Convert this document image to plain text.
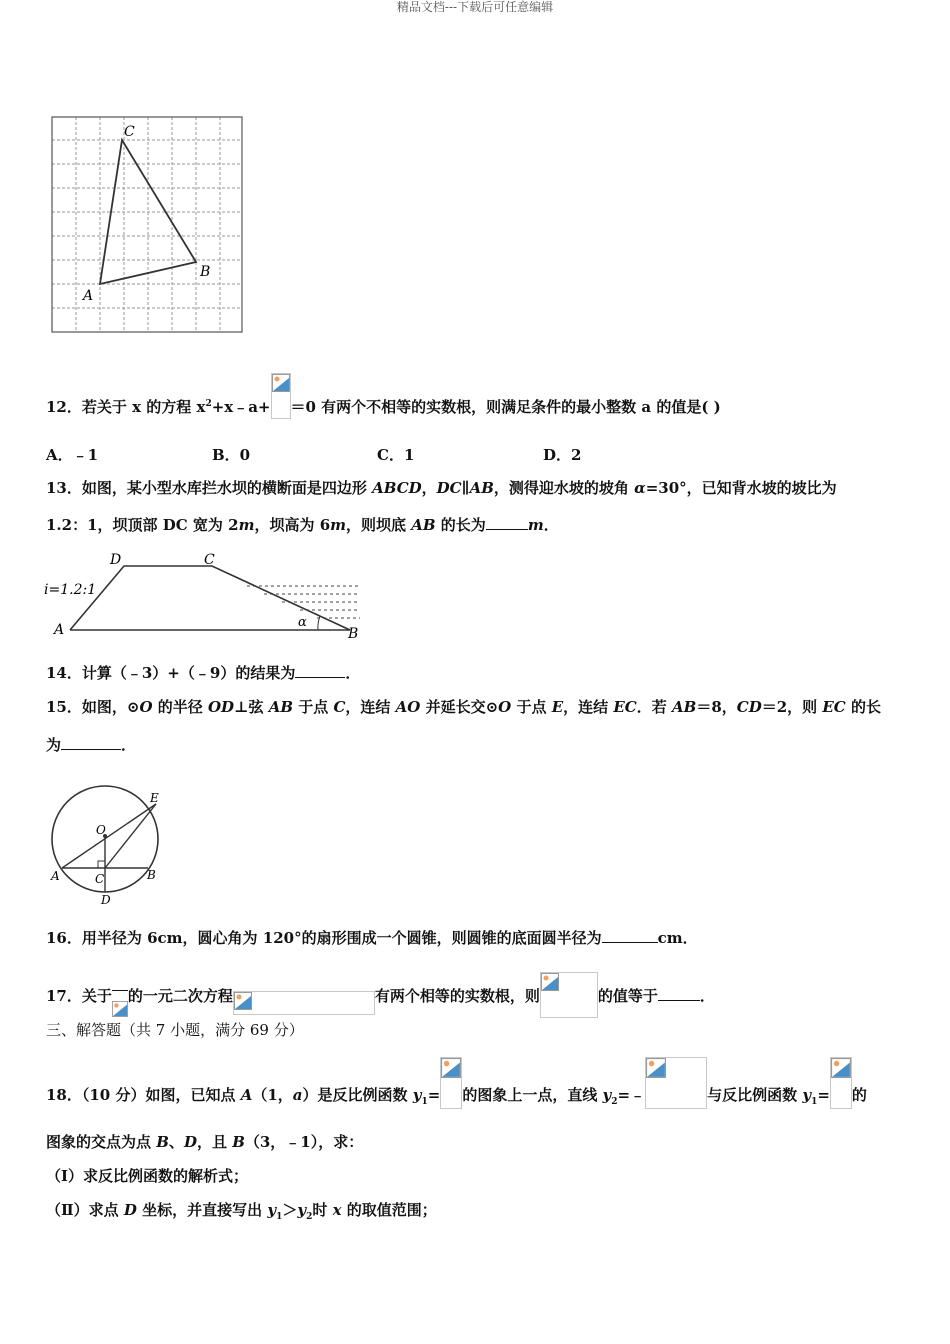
精品文档---下载后可任意编辑
C
B
A
12．若关于 x 的方程 $x^2+x﹣a+ =0$ 有两个不相等的实数根，则满足条件的最小整数 a 的值是( )
A．﹣1	B．0	C．1	D．2
13．如图，某小型水库拦水坝的横断面是四边形 ABCD，DC∥AB，测得迎水坡的坡角 α=30°，已知背水坡的坡比为
1.2：1，坝顶部 DC 宽为 2m，坝高为 6m，则坝底 AB 的长为	m．
D	C
A	B
i=1.2:1
α
14．计算（﹣3）+（﹣9）的结果为	．
15．如图，⊙O 的半径 OD⊥弦 AB 于点 C，连结 AO 并延长交⊙O 于点 E，连结 EC．若 AB＝8，CD＝2，则 EC 的长
为	．
E
O
A	C	B
D
16．用半径为 6cm，圆心角为 120°的扇形围成一个圆锥，则圆锥的底面圆半径为	cm．
17．关于 的一元二次方程	有两个相等的实数根，则	的值等于	．
三、解答题（共 7 小题，满分 69 分）
18．（10 分）如图，已知点 A（1，a）是反比例函数 $y_1=$ 的图象上一点，直线 $y_2=﹣$	与反比例函数 $y_1=$ 的
图象的交点为点 B、D，且 B（3，﹣1），求：
（Ⅰ）求反比例函数的解析式；
（Ⅱ）求点 D 坐标，并直接写出 $y_1>y_2$时 x 的取值范围；
